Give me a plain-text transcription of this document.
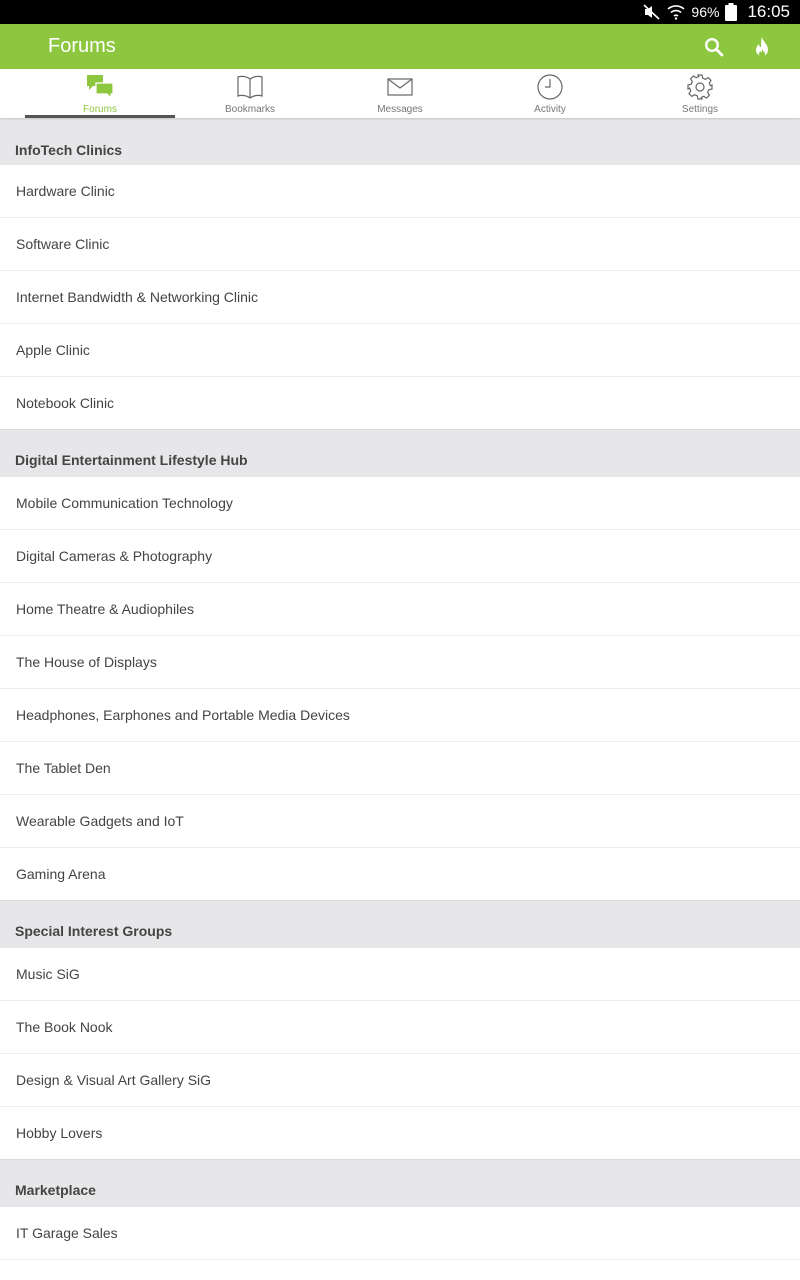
96% 16:05
Forums
Forums	Bookmarks	Messages	Activity	Settings
InfoTech Clinics
Hardware Clinic
Software Clinic
Internet Bandwidth & Networking Clinic
Apple Clinic
Notebook Clinic
Digital Entertainment Lifestyle Hub
Mobile Communication Technology
Digital Cameras & Photography
Home Theatre & Audiophiles
The House of Displays
Headphones, Earphones and Portable Media Devices
The Tablet Den
Wearable Gadgets and IoT
Gaming Arena
Special Interest Groups
Music SiG
The Book Nook
Design & Visual Art Gallery SiG
Hobby Lovers
Marketplace
IT Garage Sales
